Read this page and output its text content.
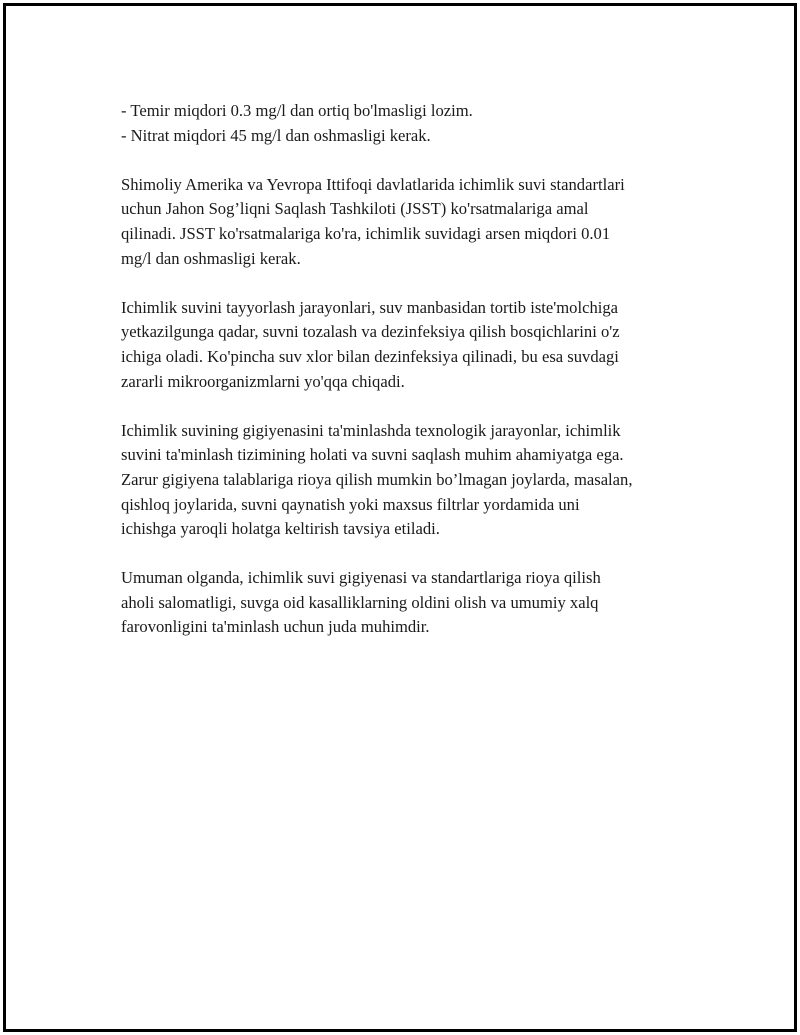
- Temir miqdori 0.3 mg/l dan ortiq bo'lmasligi lozim.

- Nitrat miqdori 45 mg/l dan oshmasligi kerak.

Shimoliy Amerika va Yevropa Ittifoqi davlatlarida ichimlik suvi standartlari
uchun Jahon Sog’liqni Saqlash Tashkiloti (JSST) ko'rsatmalariga amal
qilinadi. JSST ko'rsatmalariga ko'ra, ichimlik suvidagi arsen miqdori 0.01
mg/l dan oshmasligi kerak.

Ichimlik suvini tayyorlash jarayonlari, suv manbasidan tortib iste'molchiga
yetkazilgunga qadar, suvni tozalash va dezinfeksiya qilish bosqichlarini o'z
ichiga oladi. Ko'pincha suv xlor bilan dezinfeksiya qilinadi, bu esa suvdagi
zararli mikroorganizmlarni yo'qqa chiqadi.

Ichimlik suvining gigiyenasini ta'minlashda texnologik jarayonlar, ichimlik
suvini ta'minlash tizimining holati va suvni saqlash muhim ahamiyatga ega.
Zarur gigiyena talablariga rioya qilish mumkin bo’lmagan joylarda, masalan,
qishloq joylarida, suvni qaynatish yoki maxsus filtrlar yordamida uni
ichishga yaroqli holatga keltirish tavsiya etiladi.

Umuman olganda, ichimlik suvi gigiyenasi va standartlariga rioya qilish
aholi salomatligi, suvga oid kasalliklarning oldini olish va umumiy xalq
farovonligini ta'minlash uchun juda muhimdir.
